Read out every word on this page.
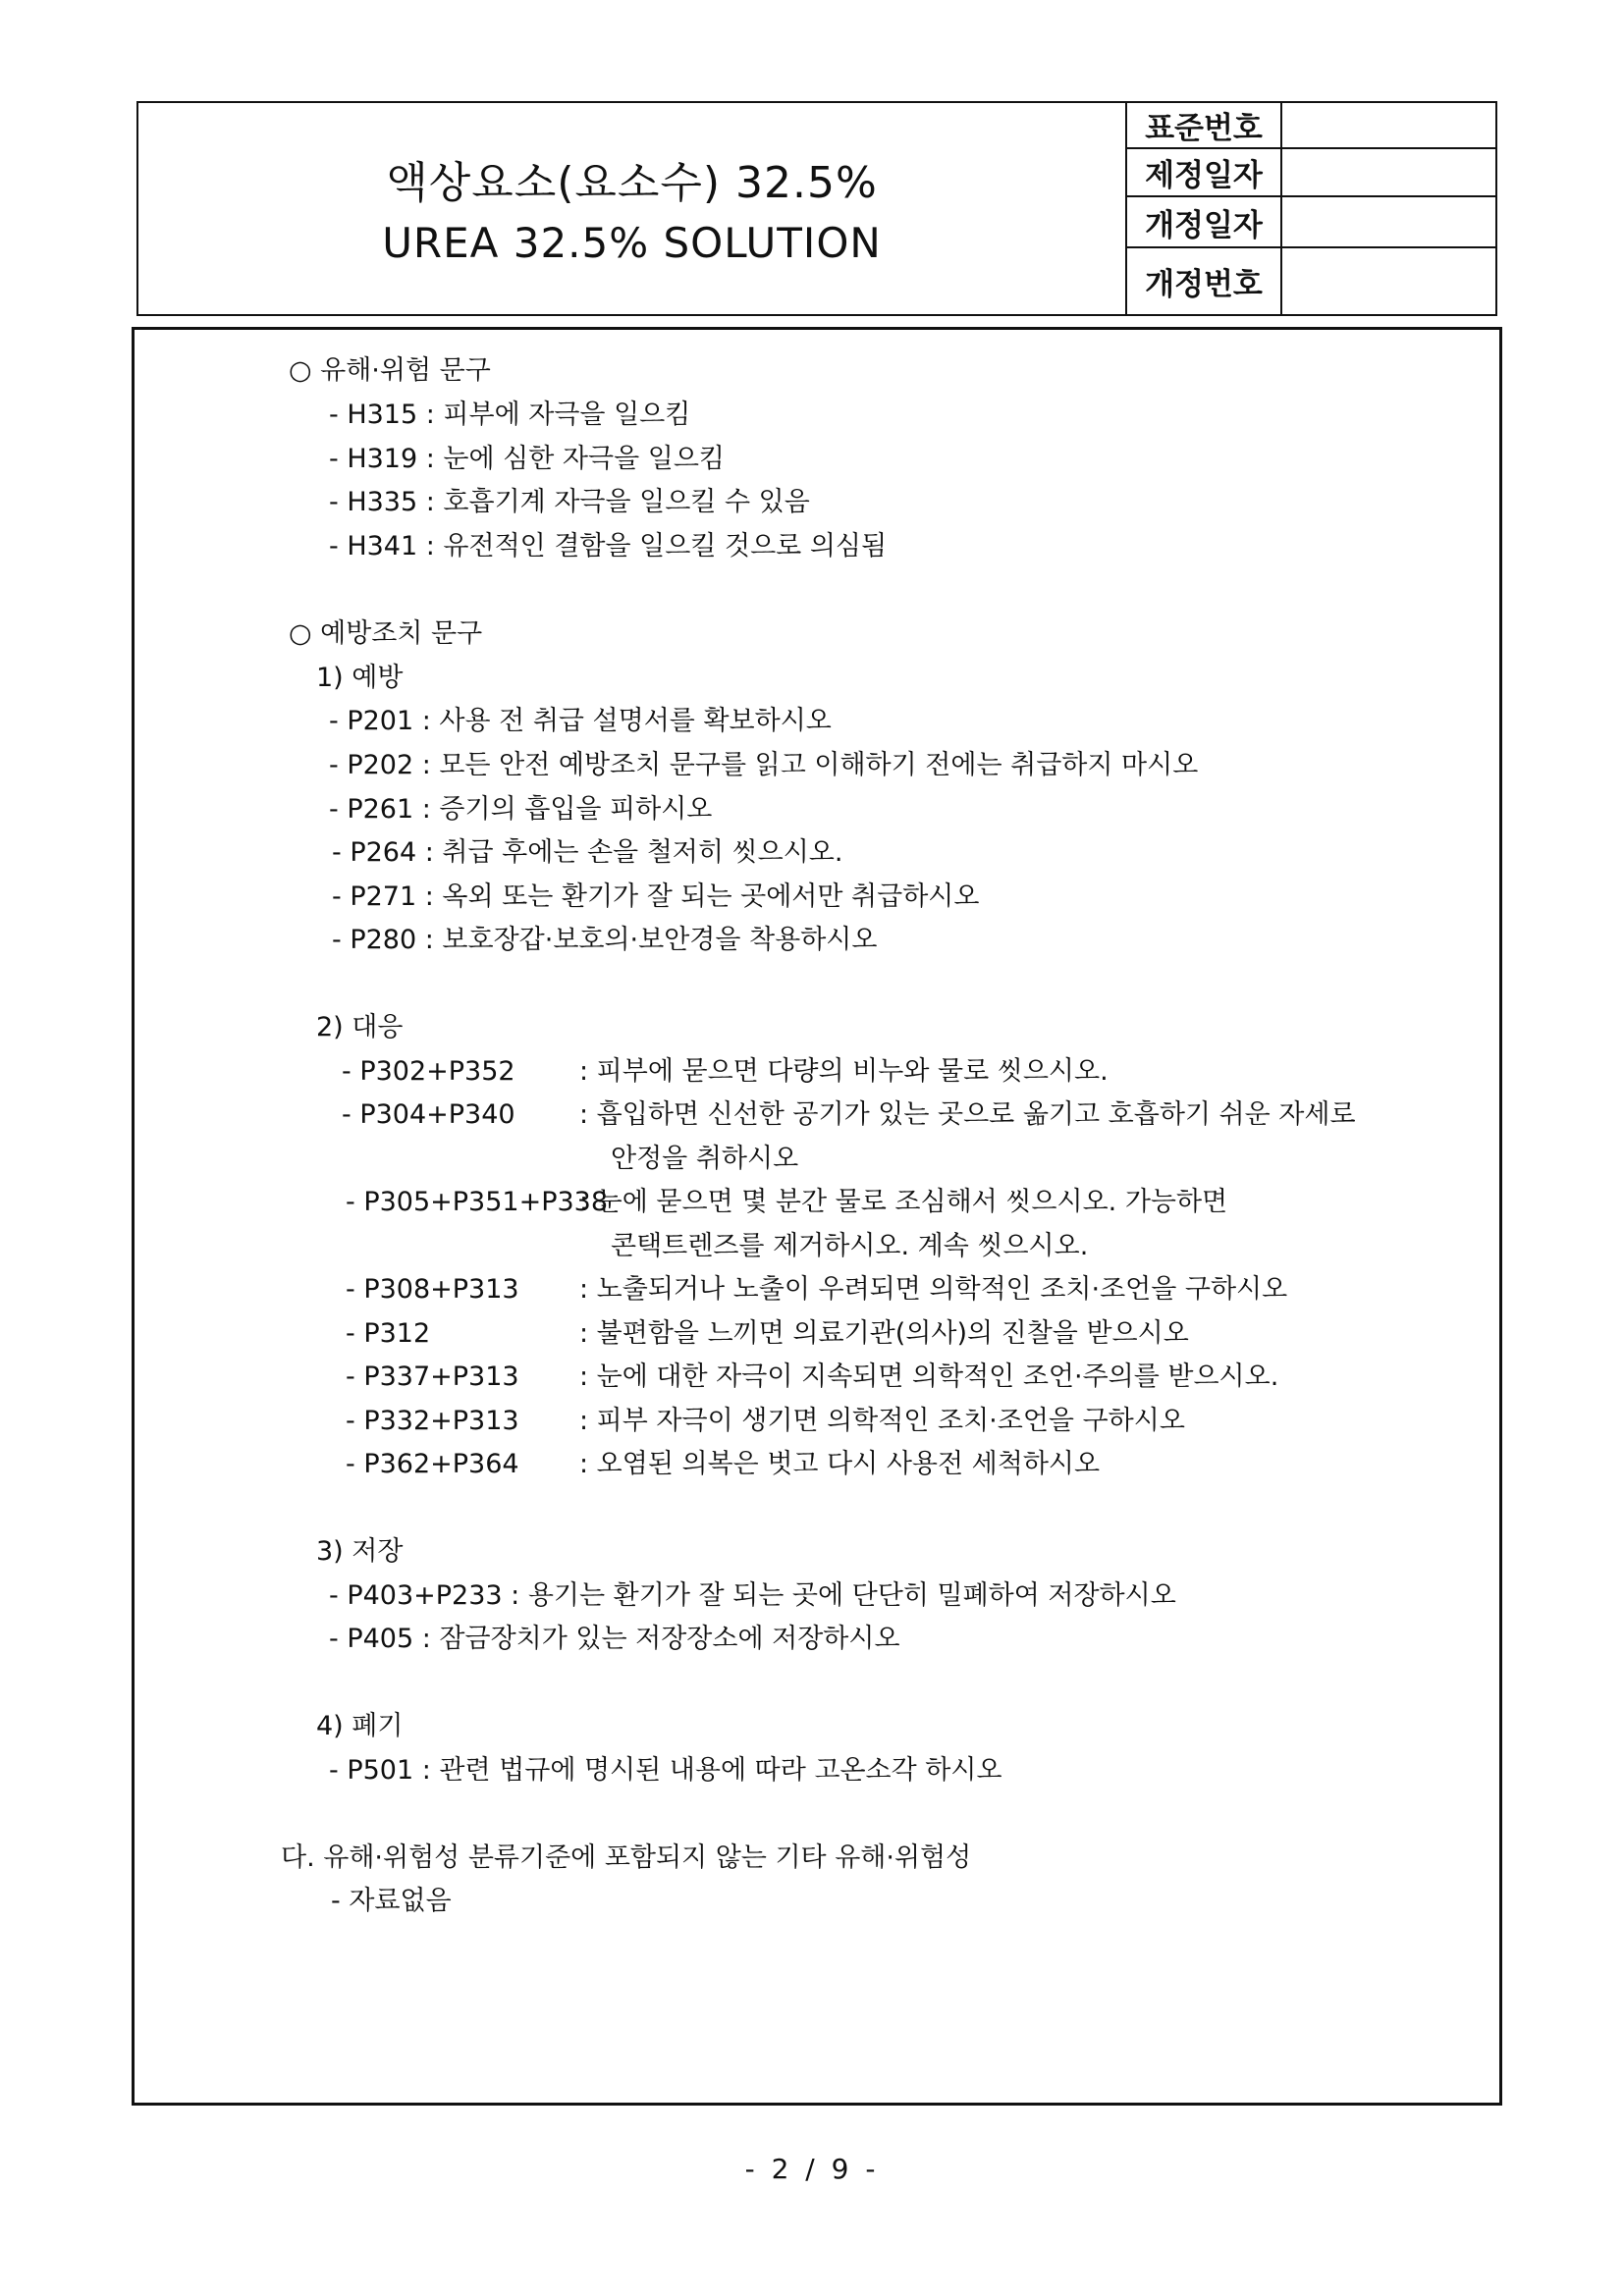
액상요소(요소수) 32.5%
UREA 32.5% SOLUTION
표준번호
제정일자
개정일자
개정번호
○ 유해·위험 문구
- H315 : 피부에 자극을 일으킴
- H319 : 눈에 심한 자극을 일으킴
- H335 : 호흡기계 자극을 일으킬 수 있음
- H341 : 유전적인 결함을 일으킬 것으로 의심됨
○ 예방조치 문구
1) 예방
- P201 : 사용 전 취급 설명서를 확보하시오
- P202 : 모든 안전 예방조치 문구를 읽고 이해하기 전에는 취급하지 마시오
- P261 : 증기의 흡입을 피하시오
- P264 : 취급 후에는 손을 철저히 씻으시오.
- P271 : 옥외 또는 환기가 잘 되는 곳에서만 취급하시오
- P280 : 보호장갑·보호의·보안경을 착용하시오
2) 대응
- P302+P352 : 피부에 묻으면 다량의 비누와 물로 씻으시오.
- P304+P340 : 흡입하면 신선한 공기가 있는 곳으로 옮기고 호흡하기 쉬운 자세로
안정을 취하시오
- P305+P351+P338
: 눈에 묻으면 몇 분간 물로 조심해서 씻으시오. 가능하면
콘택트렌즈를 제거하시오. 계속 씻으시오.
- P308+P313 : 노출되거나 노출이 우려되면 의학적인 조치·조언을 구하시오
- P312	: 불편함을 느끼면 의료기관(의사)의 진찰을 받으시오
- P337+P313 : 눈에 대한 자극이 지속되면 의학적인 조언·주의를 받으시오.
- P332+P313 : 피부 자극이 생기면 의학적인 조치·조언을 구하시오
- P362+P364 : 오염된 의복은 벗고 다시 사용전 세척하시오
3) 저장
- P403+P233 : 용기는 환기가 잘 되는 곳에 단단히 밀폐하여 저장하시오
- P405 : 잠금장치가 있는 저장장소에 저장하시오
4) 폐기
- P501 : 관련 법규에 명시된 내용에 따라 고온소각 하시오
다. 유해·위험성 분류기준에 포함되지 않는 기타 유해·위험성
- 자료없음
- 2 / 9 -
